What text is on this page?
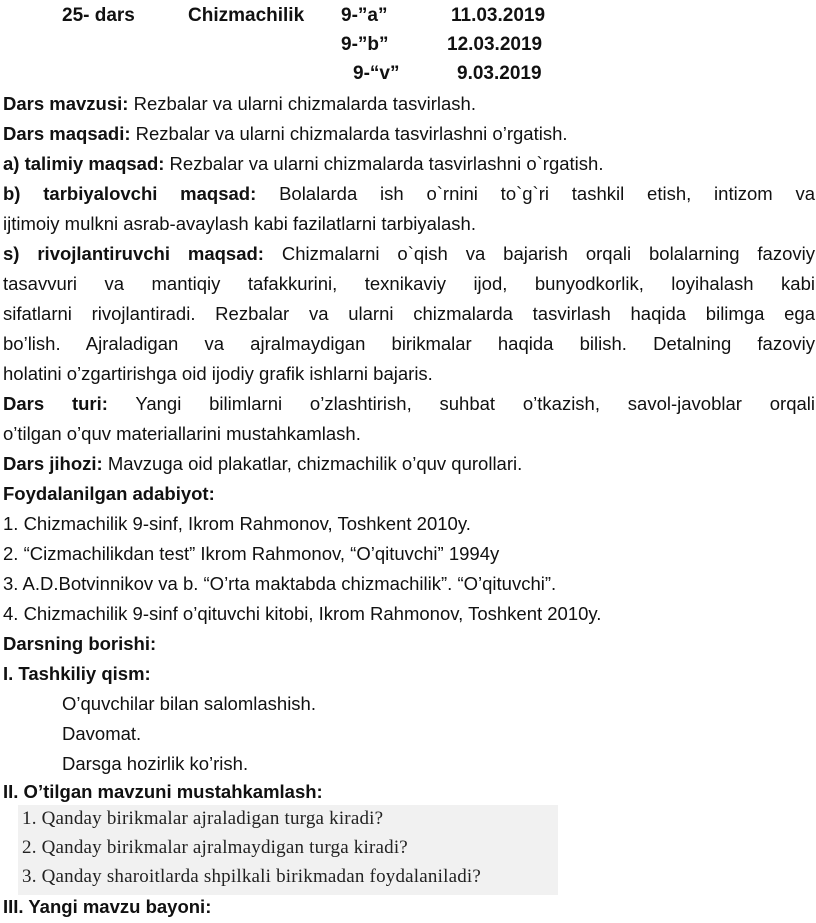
25- dars	Chizmachilik 9-”a”	11.03.2019
9-”b”	12.03.2019
9-“v”	9.03.2019
Dars mavzusi: Rezbalar va ularni chizmalarda tasvirlash.
Dars maqsadi: Rezbalar va ularni chizmalarda tasvirlashni o’rgatish.
a) talimiy maqsad: Rezbalar va ularni chizmalarda tasvirlashni o`rgatish.
b) tarbiyalovchi maqsad: Bolalarda ish o`rnini to`g`ri tashkil etish, intizom va
ijtimoiy mulkni asrab-avaylash kabi fazilatlarni tarbiyalash.
s) rivojlantiruvchi maqsad: Chizmalarni o`qish va bajarish orqali bolalarning fazoviy
tasavvuri va mantiqiy tafakkurini, texnikaviy ijod, bunyodkorlik, loyihalash kabi
sifatlarni rivojlantiradi. Rezbalar va ularni chizmalarda tasvirlash haqida bilimga ega
bo’lish. Ajraladigan va ajralmaydigan birikmalar haqida bilish. Detalning fazoviy
holatini o’zgartirishga oid ijodiy grafik ishlarni bajaris.
Dars turi: Yangi bilimlarni o’zlashtirish, suhbat o’tkazish, savol-javoblar orqali
o’tilgan o’quv materiallarini mustahkamlash.
Dars jihozi: Mavzuga oid plakatlar, chizmachilik o’quv qurollari.
Foydalanilgan adabiyot:
1. Chizmachilik 9-sinf, Ikrom Rahmonov, Toshkent 2010y.
2. “Cizmachilikdan test” Ikrom Rahmonov, “O’qituvchi” 1994y
3. A.D.Botvinnikov va b. “O’rta maktabda chizmachilik”. “O’qituvchi”.
4. Chizmachilik 9-sinf o’qituvchi kitobi, Ikrom Rahmonov, Toshkent 2010y.
Darsning borishi:
I. Tashkiliy qism:
O’quvchilar bilan salomlashish.
Davomat.
Darsga hozirlik ko’rish.
II. O’tilgan mavzuni mustahkamlash:
1. Qanday birikmalar ajraladigan turga kiradi?
2. Qanday birikmalar ajralmaydigan turga kiradi?
3. Qanday sharoitlarda shpilkali birikmadan foydalaniladi?
III. Yangi mavzu bayoni:
